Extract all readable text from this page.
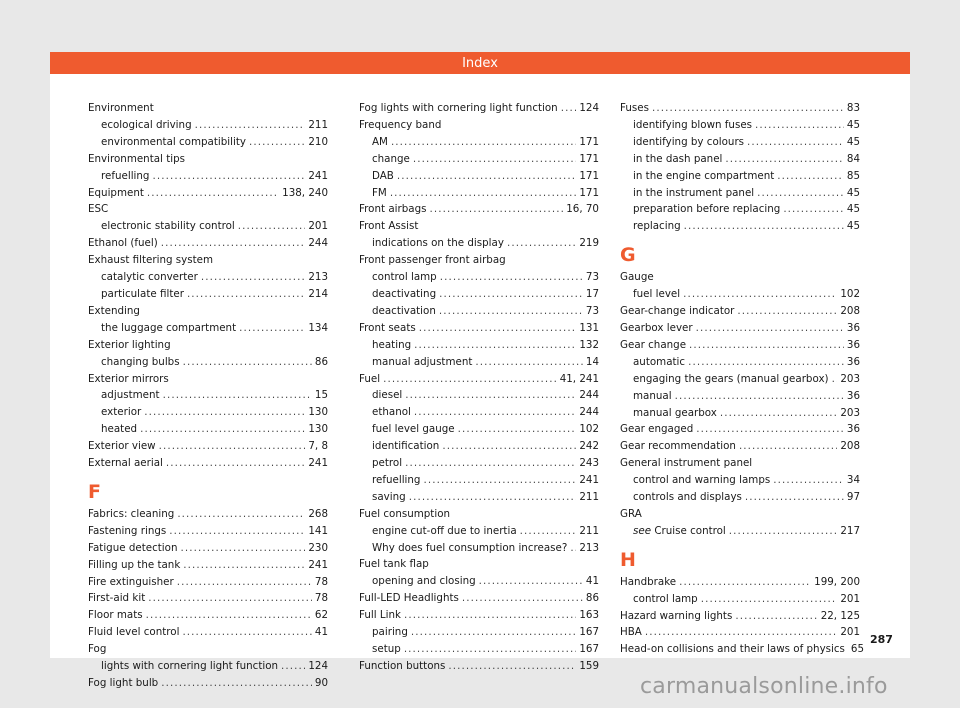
Index
Environment
ecological driving .....	211
environmental compatibility .....	210
Environmental tips
refuelling .....	241
Equipment .....	138, 240
ESC
electronic stability control .....	201
Ethanol (fuel) .....	244
Exhaust filtering system
catalytic converter .....	213
particulate filter .....	214
Extending
the luggage compartment .....	134
Exterior lighting
changing bulbs .....	86
Exterior mirrors
adjustment .....	15
exterior .....	130
heated .....	130
Exterior view .....	7, 8
External aerial .....	241
F
Fabrics: cleaning .....	268
Fastening rings .....	141
Fatigue detection .....	230
Filling up the tank .....	241
Fire extinguisher .....	78
First-aid kit .....	78
Floor mats .....	62
Fluid level control .....	41
Fog
lights with cornering light function .....	124
Fog light bulb .....	90
Fog lights with cornering light function ..... 124
Frequency band
AM .....	171
change .....	171
DAB .....	171
FM .....	171
Front airbags .....	16, 70
Front Assist
indications on the display .....	219
Front passenger front airbag
control lamp .....	73
deactivating .....	17
deactivation .....	73
Front seats .....	131
heating .....	132
manual adjustment .....	14
Fuel .....	41, 241
diesel .....	244
ethanol .....	244
fuel level gauge .....	102
identification .....	242
petrol .....	243
refuelling .....	241
saving .....	211
Fuel consumption
engine cut-off due to inertia .....	211
Why does fuel consumption increase? ..... 213
Fuel tank flap
opening and closing .....	41
Full-LED Headlights .....	86
Full Link .....	163
pairing .....	167
setup .....	167
Function buttons .....	159
Fuses .....	83
identifying blown fuses .....	45
identifying by colours .....	45
in the dash panel .....	84
in the engine compartment .....	85
in the instrument panel .....	45
preparation before replacing .....	45
replacing .....	45
G
Gauge
fuel level .....	102
Gear-change indicator .....	208
Gearbox lever .....	36
Gear change .....	36
automatic .....	36
engaging the gears (manual gearbox) ..... 203
manual .....	36
manual gearbox .....	203
Gear engaged .....	36
Gear recommendation .....	208
General instrument panel
control and warning lamps .....	34
controls and displays .....	97
GRA
see Cruise control .....	217
H
Handbrake .....	199, 200
control lamp .....	201
Hazard warning lights .....	22, 125
HBA .....	201
Head-on collisions and their laws of physics 65
287
carmanualsonline.info
